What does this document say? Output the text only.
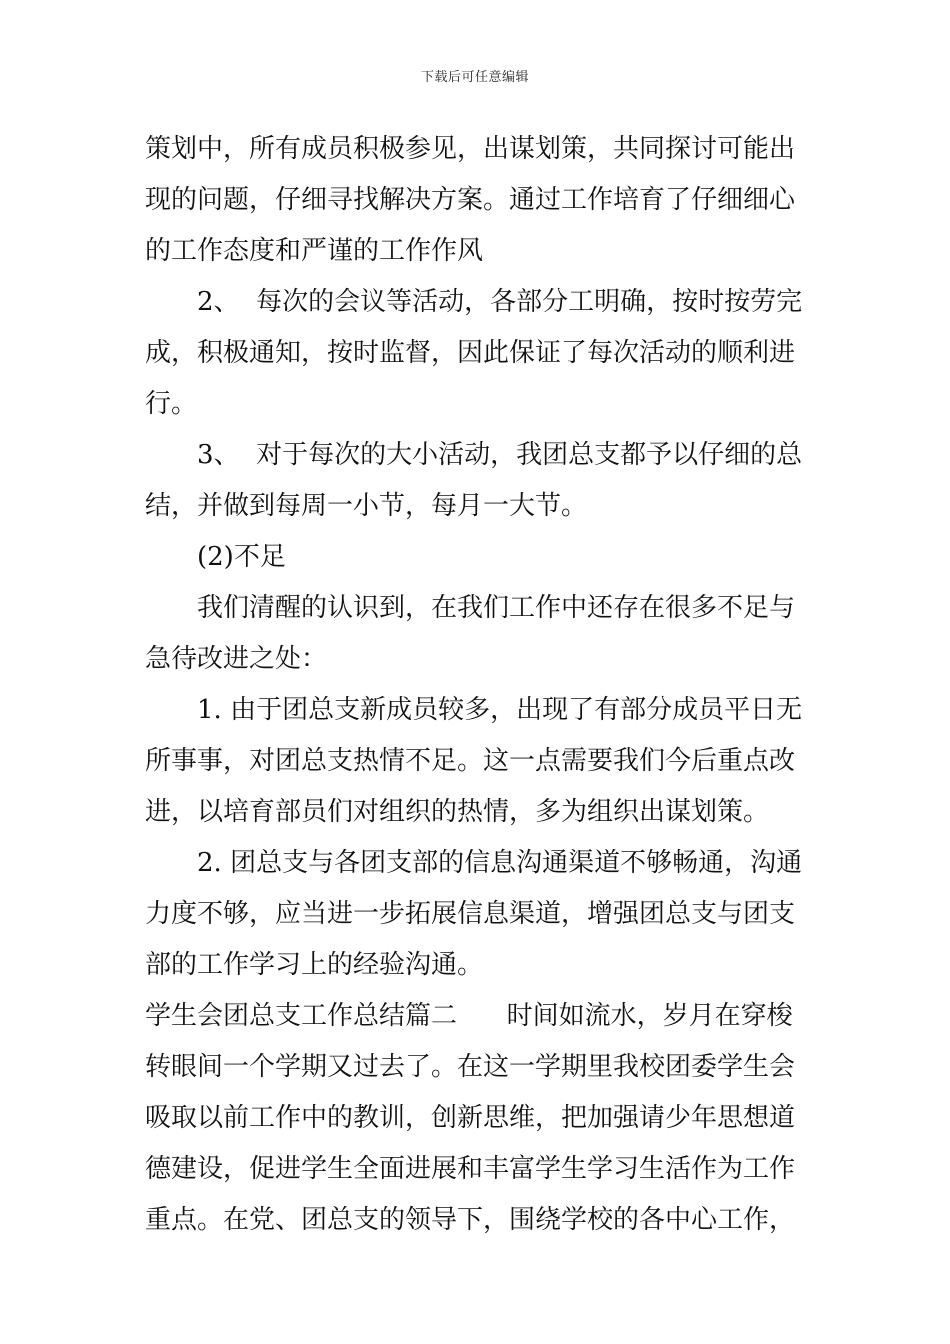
下载后可任意编辑
策划中，所有成员积极参见，出谋划策，共同探讨可能出
现的问题，仔细寻找解决方案。通过工作培育了仔细细心
的工作态度和严谨的工作作风
2、  每次的会议等活动，各部分工明确，按时按劳完
成，积极通知，按时监督，因此保证了每次活动的顺利进
行。
3、  对于每次的大小活动，我团总支都予以仔细的总
结，并做到每周一小节，每月一大节。
(2)不足
我们清醒的认识到，在我们工作中还存在很多不足与
急待改进之处：
1. 由于团总支新成员较多，出现了有部分成员平日无
所事事，对团总支热情不足。这一点需要我们今后重点改
进，以培育部员们对组织的热情，多为组织出谋划策。
2. 团总支与各团支部的信息沟通渠道不够畅通，沟通
力度不够，应当进一步拓展信息渠道，增强团总支与团支
部的工作学习上的经验沟通。
学生会团总支工作总结篇二      时间如流水，岁月在穿梭
转眼间一个学期又过去了。在这一学期里我校团委学生会
吸取以前工作中的教训，创新思维，把加强请少年思想道
德建设，促进学生全面进展和丰富学生学习生活作为工作
重点。在党、团总支的领导下，围绕学校的各中心工作，
